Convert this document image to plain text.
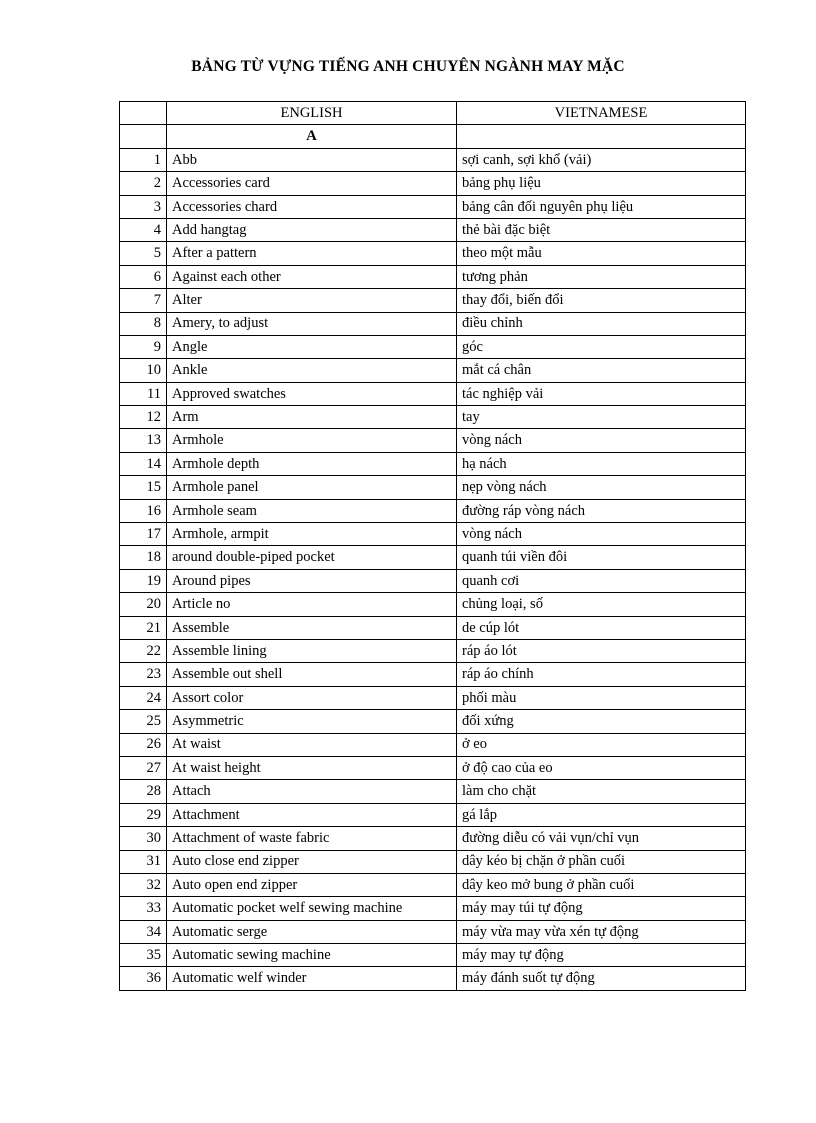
BẢNG TỪ VỰNG TIẾNG ANH CHUYÊN NGÀNH MAY MẶC
	ENGLISH	VIETNAMESE
	A	
1	Abb	sợi canh, sợi khổ (vải)
2	Accessories card	bảng phụ liệu
3	Accessories chard	bảng cân đối nguyên phụ liệu
4	Add hangtag	thẻ bài đặc biệt
5	After a pattern	theo một mẫu
6	Against each other	tương phản
7	Alter	thay đổi, biến đổi
8	Amery, to adjust	điều chỉnh
9	Angle	góc
10	Ankle	mắt cá chân
11	Approved swatches	tác nghiệp vải
12	Arm	tay
13	Armhole	vòng nách
14	Armhole depth	hạ nách
15	Armhole panel	nẹp vòng nách
16	Armhole seam	đường ráp vòng nách
17	Armhole, armpit	vòng nách
18	around double-piped pocket	quanh túi viền đôi
19	Around pipes	quanh cơi
20	Article no	chủng loại, số
21	Assemble	de cúp lót
22	Assemble lining	ráp áo lót
23	Assemble out shell	ráp áo chính
24	Assort color	phối màu
25	Asymmetric	đối xứng
26	At waist	ở eo
27	At waist height	ở độ cao của eo
28	Attach	làm cho chặt
29	Attachment	gá lắp
30	Attachment of waste fabric	đường diễu có vải vụn/chỉ vụn
31	Auto close end zipper	dây kéo bị chặn ở phần cuối
32	Auto open end zipper	dây keo mở bung ở phần cuối
33	Automatic pocket welf sewing machine	máy may túi tự động
34	Automatic serge	máy vừa may vừa xén tự động
35	Automatic sewing machine	máy may tự động
36	Automatic welf winder	máy đánh suốt tự động
